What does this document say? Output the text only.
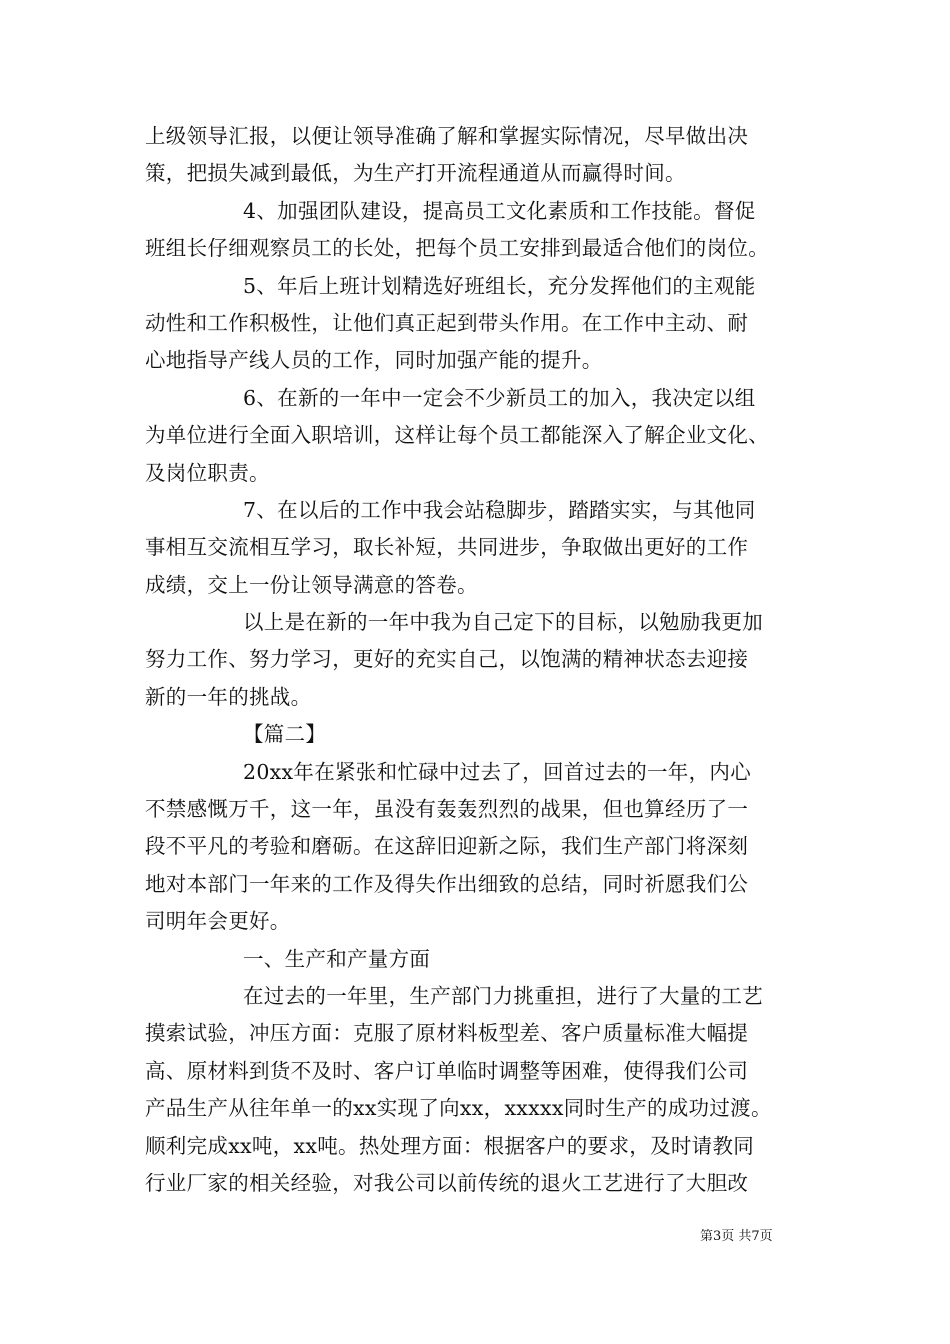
上级领导汇报，以便让领导准确了解和掌握实际情况，尽早做出决
策，把损失减到最低，为生产打开流程通道从而赢得时间。
4、加强团队建设，提高员工文化素质和工作技能。督促
班组长仔细观察员工的长处，把每个员工安排到最适合他们的岗位。
5、年后上班计划精选好班组长，充分发挥他们的主观能
动性和工作积极性，让他们真正起到带头作用。在工作中主动、耐
心地指导产线人员的工作，同时加强产能的提升。
6、在新的一年中一定会不少新员工的加入，我决定以组
为单位进行全面入职培训，这样让每个员工都能深入了解企业文化、
及岗位职责。
7、在以后的工作中我会站稳脚步，踏踏实实，与其他同
事相互交流相互学习，取长补短，共同进步，争取做出更好的工作
成绩，交上一份让领导满意的答卷。
以上是在新的一年中我为自己定下的目标，以勉励我更加
努力工作、努力学习，更好的充实自己，以饱满的精神状态去迎接
新的一年的挑战。
【篇二】
20xx年在紧张和忙碌中过去了，回首过去的一年，内心
不禁感慨万千，这一年，虽没有轰轰烈烈的战果，但也算经历了一
段不平凡的考验和磨砺。在这辞旧迎新之际，我们生产部门将深刻
地对本部门一年来的工作及得失作出细致的总结，同时祈愿我们公
司明年会更好。
一、生产和产量方面
在过去的一年里，生产部门力挑重担，进行了大量的工艺
摸索试验，冲压方面：克服了原材料板型差、客户质量标准大幅提
高、原材料到货不及时、客户订单临时调整等困难，使得我们公司
产品生产从往年单一的xx实现了向xx，xxxxx同时生产的成功过渡。
顺利完成xx吨，xx吨。热处理方面：根据客户的要求，及时请教同
行业厂家的相关经验，对我公司以前传统的退火工艺进行了大胆改
第3页 共7页
